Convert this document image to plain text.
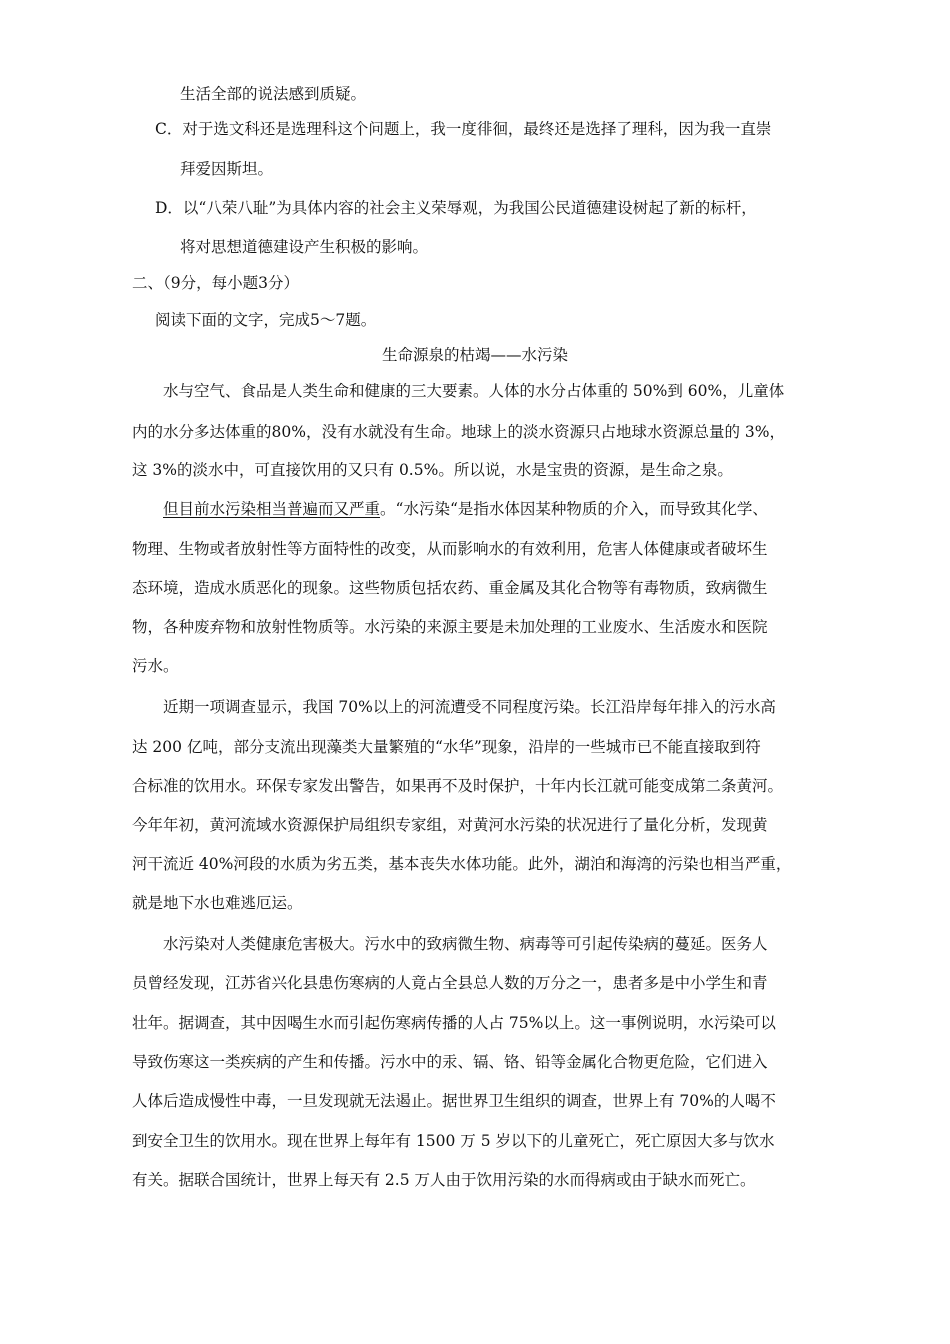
生活全部的说法感到质疑。
C．对于选文科还是选理科这个问题上，我一度徘徊，最终还是选择了理科，因为我一直崇
拜爱因斯坦。
D．以“八荣八耻”为具体内容的社会主义荣辱观，为我国公民道德建设树起了新的标杆，
将对思想道德建设产生积极的影响。
二、（9分，每小题3分）
阅读下面的文字，完成5～7题。
生命源泉的枯竭——水污染
水与空气、食品是人类生命和健康的三大要素。人体的水分占体重的 50%到 60%，儿童体
内的水分多达体重的80%，没有水就没有生命。地球上的淡水资源只占地球水资源总量的 3%，
这 3%的淡水中，可直接饮用的又只有 0.5%。所以说，水是宝贵的资源，是生命之泉。
但目前水污染相当普遍而又严重。“水污染“是指水体因某种物质的介入，而导致其化学、
物理、生物或者放射性等方面特性的改变，从而影响水的有效利用，危害人体健康或者破坏生
态环境，造成水质恶化的现象。这些物质包括农药、重金属及其化合物等有毒物质，致病微生
物，各种废弃物和放射性物质等。水污染的来源主要是未加处理的工业废水、生活废水和医院
污水。
近期一项调查显示，我国 70%以上的河流遭受不同程度污染。长江沿岸每年排入的污水高
达 200 亿吨，部分支流出现藻类大量繁殖的“水华”现象，沿岸的一些城市已不能直接取到符
合标准的饮用水。环保专家发出警告，如果再不及时保护，十年内长江就可能变成第二条黄河。
今年年初，黄河流域水资源保护局组织专家组，对黄河水污染的状况进行了量化分析，发现黄
河干流近 40%河段的水质为劣五类，基本丧失水体功能。此外，湖泊和海湾的污染也相当严重，
就是地下水也难逃厄运。
水污染对人类健康危害极大。污水中的致病微生物、病毒等可引起传染病的蔓延。医务人
员曾经发现，江苏省兴化县患伤寒病的人竟占全县总人数的万分之一，患者多是中小学生和青
壮年。据调查，其中因喝生水而引起伤寒病传播的人占 75%以上。这一事例说明，水污染可以
导致伤寒这一类疾病的产生和传播。污水中的汞、镉、铬、铅等金属化合物更危险，它们进入
人体后造成慢性中毒，一旦发现就无法遏止。据世界卫生组织的调查，世界上有 70%的人喝不
到安全卫生的饮用水。现在世界上每年有 1500 万 5 岁以下的儿童死亡，死亡原因大多与饮水
有关。据联合国统计，世界上每天有 2.5 万人由于饮用污染的水而得病或由于缺水而死亡。
